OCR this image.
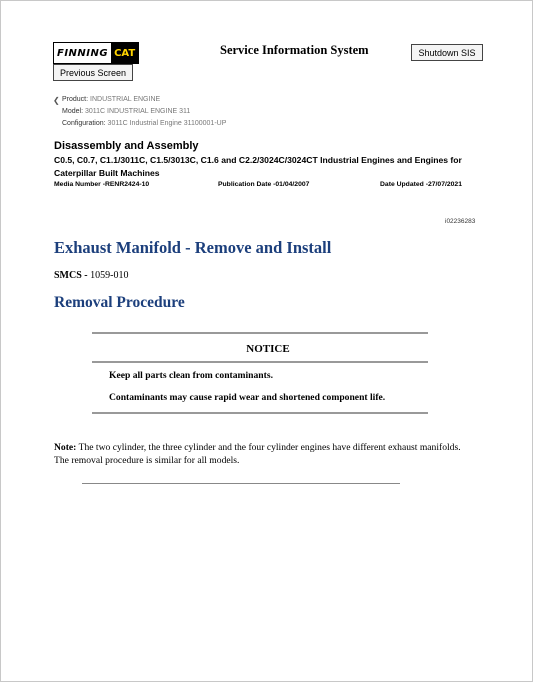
FINNING CAT	Service Information System	Shutdown SIS
Previous Screen
❮ Product: INDUSTRIAL ENGINE
Model: 3011C INDUSTRIAL ENGINE 311
Configuration: 3011C Industrial Engine 31100001-UP
Disassembly and Assembly
C0.5, C0.7, C1.1/3011C, C1.5/3013C, C1.6 and C2.2/3024C/3024CT Industrial Engines and Engines for Caterpillar Built Machines
Media Number -RENR2424-10	Publication Date -01/04/2007	Date Updated -27/07/2021
i02236283
Exhaust Manifold - Remove and Install
SMCS - 1059-010
Removal Procedure
NOTICE
Keep all parts clean from contaminants.
Contaminants may cause rapid wear and shortened component life.
Note: The two cylinder, the three cylinder and the four cylinder engines have different exhaust manifolds. The removal procedure is similar for all models.
